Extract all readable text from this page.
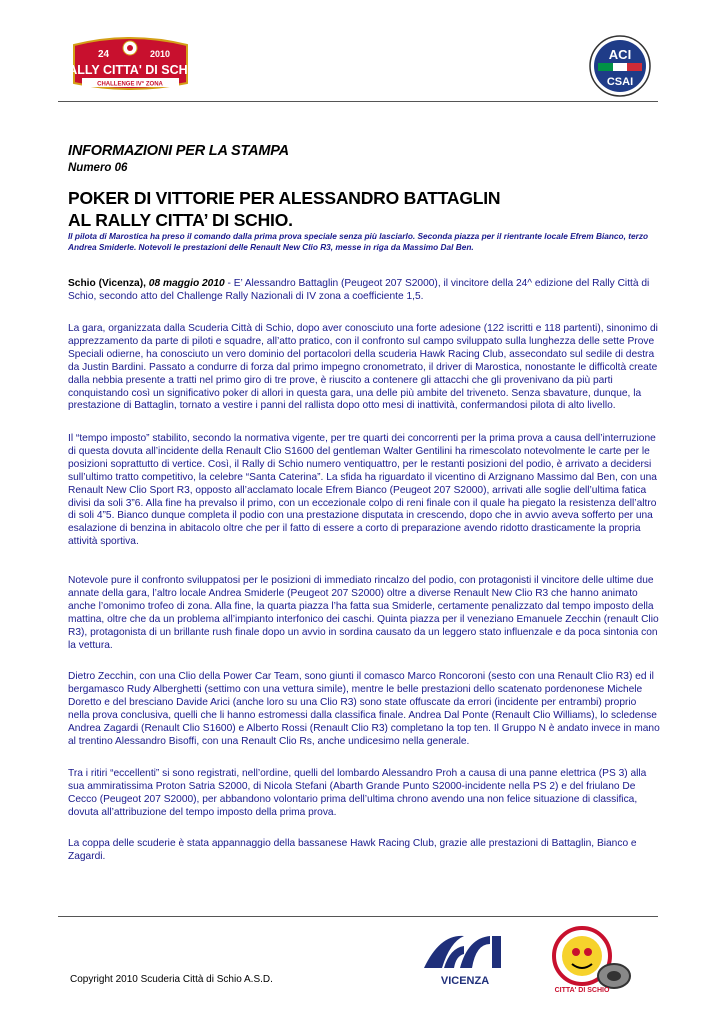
24	2010
RALLY CITTA' DI SCHIO
CHALLENGE IV° ZONA
ACI
CSAI
INFORMAZIONI PER LA STAMPA
Numero 06
POKER DI VITTORIE PER ALESSANDRO BATTAGLIN
AL RALLY CITTA’ DI SCHIO.
Il pilota di Marostica ha preso il comando dalla prima prova speciale senza più lasciarlo. Seconda piazza per il rientrante locale Efrem Bianco, terzo Andrea Smiderle. Notevoli le prestazioni delle Renault New Clio R3, messe in riga da Massimo Dal Ben.
Schio (Vicenza), 08 maggio 2010 - E’ Alessandro Battaglin (Peugeot 207 S2000), il vincitore della 24^ edizione del Rally Città di Schio, secondo atto del Challenge Rally Nazionali di IV zona a coefficiente 1,5.
La gara, organizzata dalla Scuderia Città di Schio, dopo aver conosciuto una forte adesione (122 iscritti e 118 partenti), sinonimo di apprezzamento da parte di piloti e squadre, all’atto pratico, con il confronto sul campo sviluppato sulla lunghezza delle sette Prove Speciali odierne, ha conosciuto un vero dominio del portacolori della scuderia Hawk Racing Club, assecondato sul sedile di destra da Justin Bardini. Passato a condurre di forza dal primo impegno cronometrato, il driver di Marostica, nonostante le difficoltà create dalla nebbia presente a tratti nel primo giro di tre prove, è riuscito a contenere gli attacchi che gli provenivano da più parti conquistando così un significativo poker di allori in questa gara, una delle più ambite del triveneto. Senza sbavature, dunque, la prestazione di Battaglin, tornato a vestire i panni del rallista dopo otto mesi di inattività, confermandosi pilota di alto livello.
Il “tempo imposto” stabilito, secondo la normativa vigente, per tre quarti dei concorrenti per la prima prova a causa dell’interruzione di questa dovuta all’incidente della Renault Clio S1600 del gentleman Walter Gentilini ha rimescolato notevolmente le carte per le posizioni soprattutto di vertice. Così, il Rally di Schio numero ventiquattro, per le restanti posizioni del podio, è arrivato a decidersi sull’ultimo tratto competitivo, la celebre “Santa Caterina”. La sfida ha riguardato il vicentino di Arzignano Massimo dal Ben, con una Renault New Clio Sport R3, opposto all’acclamato locale Efrem Bianco (Peugeot 207 S2000), arrivati alle soglie dell’ultima fatica divisi da soli 3”6. Alla fine ha prevalso il primo, con un eccezionale colpo di reni finale con il quale ha piegato la resistenza dell’altro di soli 4”5. Bianco dunque completa il podio con una prestazione disputata in crescendo, dopo che in avvio aveva sofferto per una esalazione di benzina in abitacolo oltre che per il fatto di essere a corto di preparazione avendo ridotto drasticamente la propria attività sportiva.
Notevole pure il confronto sviluppatosi per le posizioni di immediato rincalzo del podio, con protagonisti il vincitore delle ultime due annate della gara, l’altro locale Andrea Smiderle (Peugeot 207 S2000) oltre a diverse Renault New Clio R3 che hanno animato anche l’omonimo trofeo di zona. Alla fine, la quarta piazza l’ha fatta sua Smiderle, certamente penalizzato dal tempo imposto della mattina, oltre che da un problema all’impianto interfonico dei caschi. Quinta piazza per il veneziano Emanuele Zecchin (renault Clio R3), protagonista di un brillante rush finale dopo un avvio in sordina causato da un leggero stato influenzale e da poca sintonia con la vettura.
Dietro Zecchin, con una Clio della Power Car Team, sono giunti il comasco Marco Roncoroni (sesto con una Renault Clio R3) ed il bergamasco Rudy Alberghetti (settimo con una vettura simile), mentre le belle prestazioni dello scatenato pordenonese Michele Doretto e del bresciano Davide Arici (anche loro su una Clio R3) sono state offuscate da errori (incidente per entrambi) proprio nella prova conclusiva, quelli che li hanno estromessi dalla classifica finale. Andrea Dal Ponte (Renault Clio Williams), lo scledense Andrea Zagardi (Renault Clio S1600) e Alberto Rossi (Renault Clio R3) completano la top ten. Il Gruppo N è andato invece in mano al trentino Alessandro Bisoffi, con una Renault Clio Rs, anche undicesimo nella generale.
Tra i ritiri “eccellenti” si sono registrati, nell’ordine, quelli del lombardo Alessandro Proh a causa di una panne elettrica (PS 3) alla sua ammiratissima Proton Satria S2000, di Nicola Stefani (Abarth Grande Punto S2000-incidente nella PS 2) e del friulano De Cecco (Peugeot 207 S2000), per abbandono volontario prima dell’ultima chrono avendo una non felice situazione di classifica, dovuta all’attribuzione del tempo imposto della prima prova.
La coppa delle scuderie è stata appannaggio della bassanese Hawk Racing Club, grazie alle prestazioni di Battaglin, Bianco e Zagardi.
Copyright 2010 Scuderia Città di Schio A.S.D.	VICENZA
CITTA' DI SCHIO
